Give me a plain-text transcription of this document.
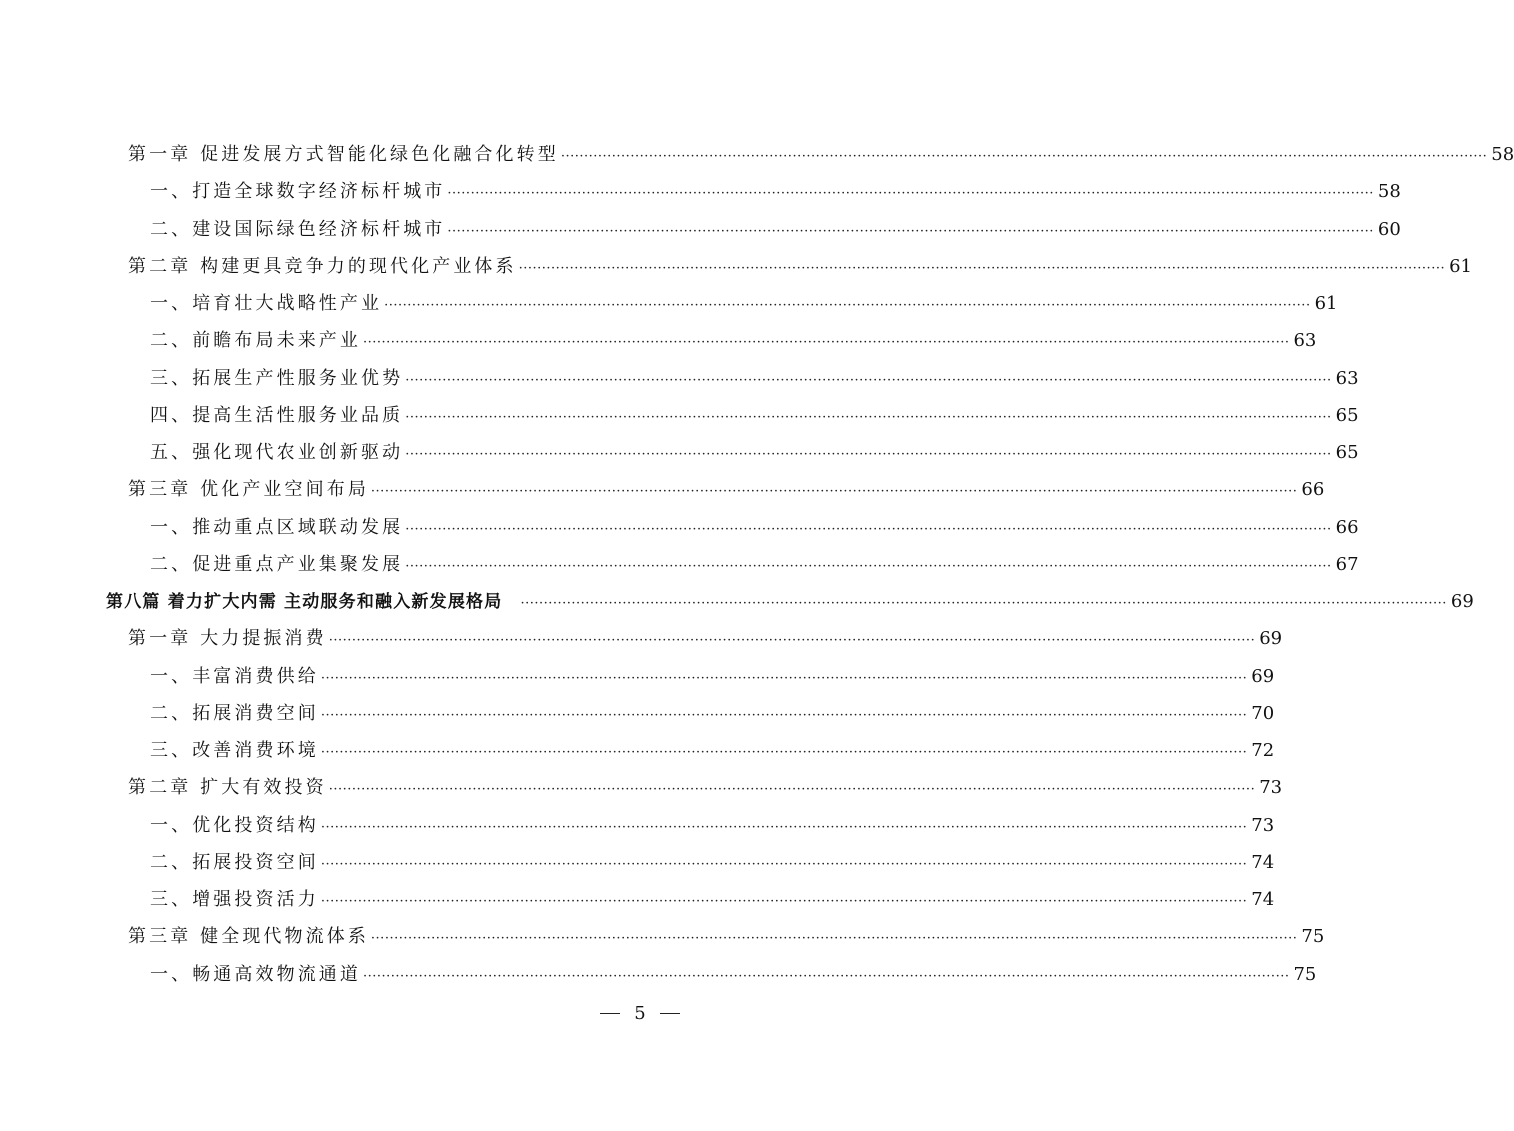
第一章 促进发展方式智能化绿色化融合化转型 ········································································································································································································ 58
一、打造全球数字经济标杆城市 ········································································································································································································ 58
二、建设国际绿色经济标杆城市 ········································································································································································································ 60
第二章 构建更具竞争力的现代化产业体系 ········································································································································································································ 61
一、培育壮大战略性产业 ········································································································································································································ 61
二、前瞻布局未来产业 ········································································································································································································ 63
三、拓展生产性服务业优势 ········································································································································································································ 63
四、提高生活性服务业品质 ········································································································································································································ 65
五、强化现代农业创新驱动 ········································································································································································································ 65
第三章 优化产业空间布局 ········································································································································································································ 66
一、推动重点区域联动发展 ········································································································································································································ 66
二、促进重点产业集聚发展 ········································································································································································································ 67
第八篇 着力扩大内需 主动服务和融入新发展格局 ········································································································································································································ 69
第一章 大力提振消费 ········································································································································································································ 69
一、丰富消费供给 ········································································································································································································ 69
二、拓展消费空间 ········································································································································································································ 70
三、改善消费环境 ········································································································································································································ 72
第二章 扩大有效投资 ········································································································································································································ 73
一、优化投资结构 ········································································································································································································ 73
二、拓展投资空间 ········································································································································································································ 74
三、增强投资活力 ········································································································································································································ 74
第三章 健全现代物流体系 ········································································································································································································ 75
一、畅通高效物流通道 ········································································································································································································ 75
5
